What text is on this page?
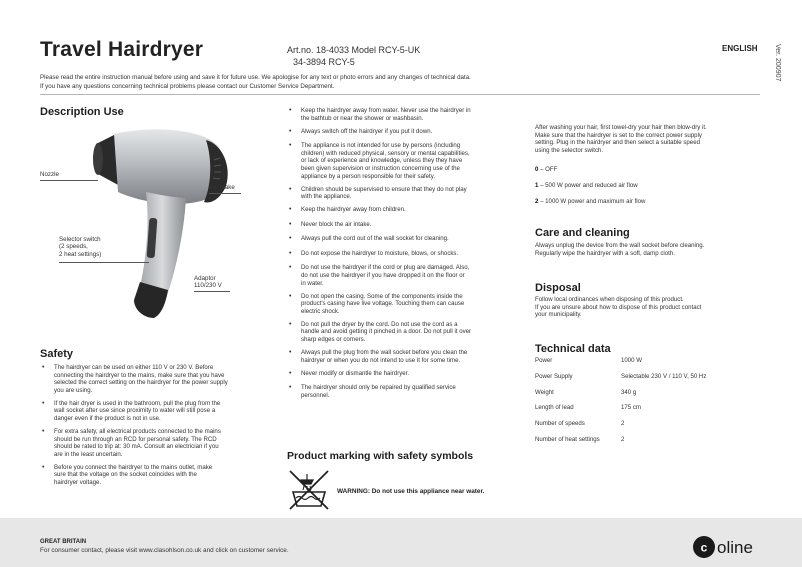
Travel Hairdryer	Art.no. 18-4033 Model RCY-5-UK
34-3894 RCY-5
ENGLISH Ver. 200907
Please read the entire instruction manual before using and save it for future use. We apologise for any text or photo errors and any changes of technical data.
If you have any questions concerning technical problems please contact our Customer Service Department.
Description Use
Nozzle
Air intake
Selector switch
(2 speeds,
2 heat settings)
Adaptor
110/230 V
Safety
• The hairdryer can be used on either 110 V or 230 V. Before
connecting the hairdryer to the mains, make sure that you have
selected the correct setting on the hairdryer for the power supply
you are using.
• If the hair dryer is used in the bathroom, pull the plug from the
wall socket after use since proximity to water will still pose a
danger even if the product is not in use.
• For extra safety, all electrical products connected to the mains
should be run through an RCD for personal safety. The RCD
should be rated to trip at: 30 mA. Consult an electrician if you
are in the least uncertain.
• Before you connect the hairdryer to the mains outlet, make
sure that the voltage on the socket coincides with the
hairdryer voltage.
• Keep the hairdryer away from water. Never use the hairdryer in
the bathtub or near the shower or washbasin.
• Always switch off the hairdryer if you put it down.
• The appliance is not intended for use by persons (including
children) with reduced physical, sensory or mental capabilities,
or lack of experience and knowledge, unless they they have
been given supervision or instruction concerning use of the
appliance by a person responsible for their safety.
• Children should be supervised to ensure that they do not play
with the appliance.
• Keep the hairdryer away from children.
• Never block the air intake.
• Always pull the cord out of the wall socket for cleaning.
• Do not expose the hairdryer to moisture, blows, or shocks.
• Do not use the hairdryer if the cord or plug are damaged. Also,
do not use the hairdryer if you have dropped it on the floor or
in water.
• Do not open the casing. Some of the components inside the
product's casing have live voltage. Touching them can cause
electric shock.
• Do not pull the dryer by the cord. Do not use the cord as a
handle and avoid getting it pinched in a door. Do not pull it over
sharp edges or corners.
• Always pull the plug from the wall socket before you clean the
hairdryer or when you do not intend to use it for some time.
• Never modify or dismantle the hairdryer.
• The hairdryer should only be repaired by qualified service
personnel.
Product marking with safety symbols
WARNING: Do not use this appliance near water.
After washing your hair, first towel-dry your hair then blow-dry it.
Make sure that the hairdryer is set to the correct power supply
setting. Plug in the hairdryer and then select a suitable speed
using the selector switch.
0 – OFF
1 – 500 W power and reduced air flow
2 – 1000 W power and maximum air flow
Care and cleaning
Always unplug the device from the wall socket before cleaning.
Regularly wipe the hairdryer with a soft, damp cloth.
Disposal
Follow local ordinances when disposing of this product.
If you are unsure about how to dispose of this product contact
your municipality.
Technical data
Power	1000 W
Power Supply	Selectable 230 V / 110 V, 50 Hz
Weight	340 g
Length of lead	175 cm
Number of speeds	2
Number of heat settings	2
GREAT BRITAIN
For consumer contact, please visit www.clasohlson.co.uk and click on customer service.	c oline
